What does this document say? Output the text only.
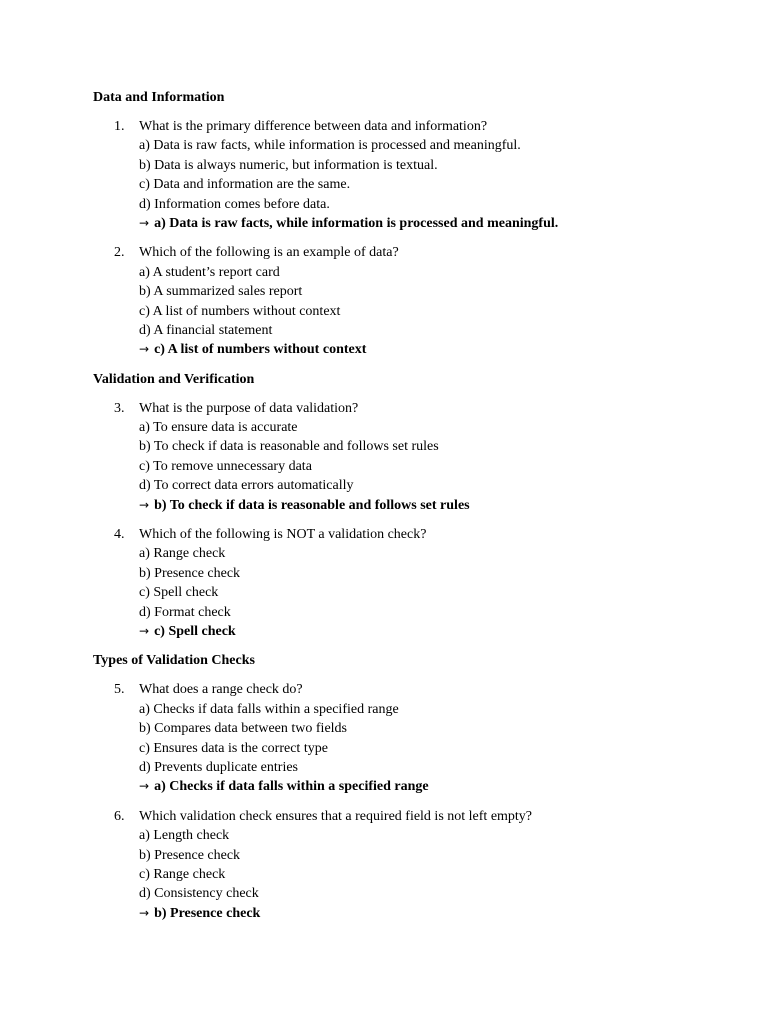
Data and Information
1. What is the primary difference between data and information?
a) Data is raw facts, while information is processed and meaningful.
b) Data is always numeric, but information is textual.
c) Data and information are the same.
d) Information comes before data.
→ a) Data is raw facts, while information is processed and meaningful.
2. Which of the following is an example of data?
a) A student’s report card
b) A summarized sales report
c) A list of numbers without context
d) A financial statement
→ c) A list of numbers without context
Validation and Verification
3. What is the purpose of data validation?
a) To ensure data is accurate
b) To check if data is reasonable and follows set rules
c) To remove unnecessary data
d) To correct data errors automatically
→ b) To check if data is reasonable and follows set rules
4. Which of the following is NOT a validation check?
a) Range check
b) Presence check
c) Spell check
d) Format check
→ c) Spell check
Types of Validation Checks
5. What does a range check do?
a) Checks if data falls within a specified range
b) Compares data between two fields
c) Ensures data is the correct type
d) Prevents duplicate entries
→ a) Checks if data falls within a specified range
6. Which validation check ensures that a required field is not left empty?
a) Length check
b) Presence check
c) Range check
d) Consistency check
→ b) Presence check
